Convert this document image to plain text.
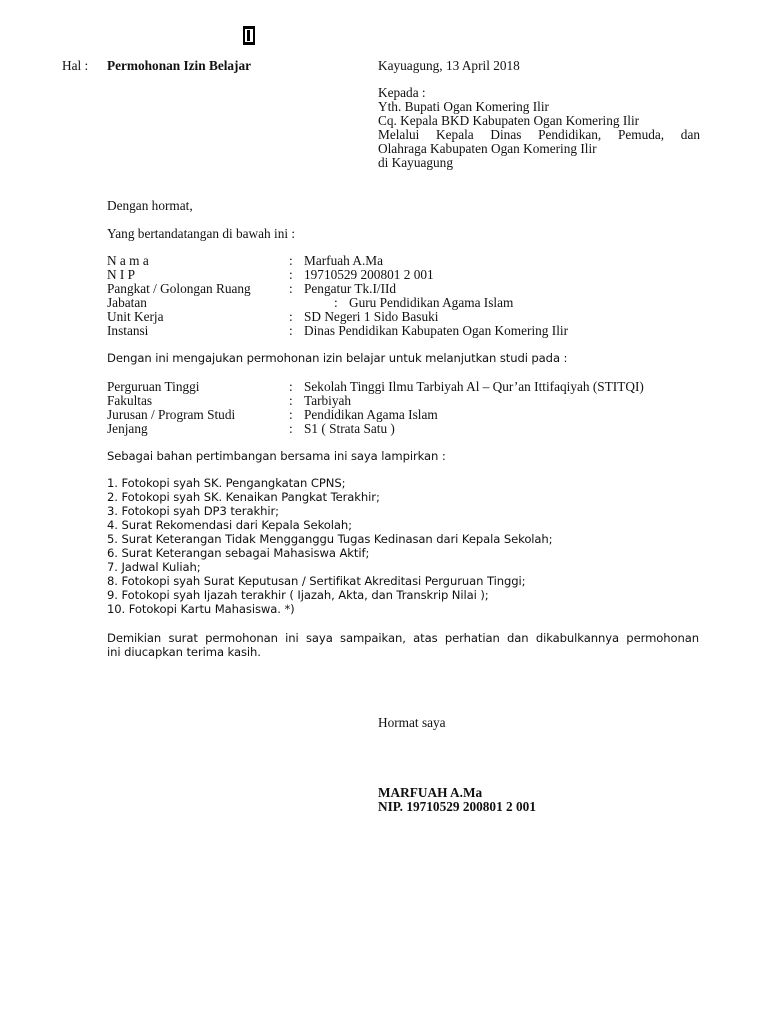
Hal : Permohonan Izin Belajar	Kayuagung, 13 April 2018
Kepada :
Yth. Bupati Ogan Komering Ilir
Cq. Kepala BKD Kabupaten Ogan Komering Ilir
Melalui Kepala Dinas Pendidikan, Pemuda, dan
Olahraga Kabupaten Ogan Komering Ilir
di Kayuagung
Dengan hormat,
Yang bertandatangan di bawah ini :
N a m a	: Marfuah A.Ma
N I P	: 19710529 200801 2 001
Pangkat / Golongan Ruang	: Pengatur Tk.I/IId
Jabatan	: Guru Pendidikan Agama Islam
Unit Kerja	: SD Negeri 1 Sido Basuki
Instansi	: Dinas Pendidikan Kabupaten Ogan Komering Ilir
Dengan ini mengajukan permohonan izin belajar untuk melanjutkan studi pada :
Perguruan Tinggi	: Sekolah Tinggi Ilmu Tarbiyah Al – Qur’an Ittifaqiyah (STITQI)
Fakultas	: Tarbiyah
Jurusan / Program Studi	: Pendidikan Agama Islam
Jenjang	: S1 ( Strata Satu )
Sebagai bahan pertimbangan bersama ini saya lampirkan :
1. Fotokopi syah SK. Pengangkatan CPNS;
2. Fotokopi syah SK. Kenaikan Pangkat Terakhir;
3. Fotokopi syah DP3 terakhir;
4. Surat Rekomendasi dari Kepala Sekolah;
5. Surat Keterangan Tidak Mengganggu Tugas Kedinasan dari Kepala Sekolah;
6. Surat Keterangan sebagai Mahasiswa Aktif;
7. Jadwal Kuliah;
8. Fotokopi syah Surat Keputusan / Sertifikat Akreditasi Perguruan Tinggi;
9. Fotokopi syah Ijazah terakhir ( Ijazah, Akta, dan Transkrip Nilai );
10. Fotokopi Kartu Mahasiswa. *)
Demikian surat permohonan ini saya sampaikan, atas perhatian dan dikabulkannya permohonan
ini diucapkan terima kasih.
Hormat saya
MARFUAH A.Ma
NIP. 19710529 200801 2 001
